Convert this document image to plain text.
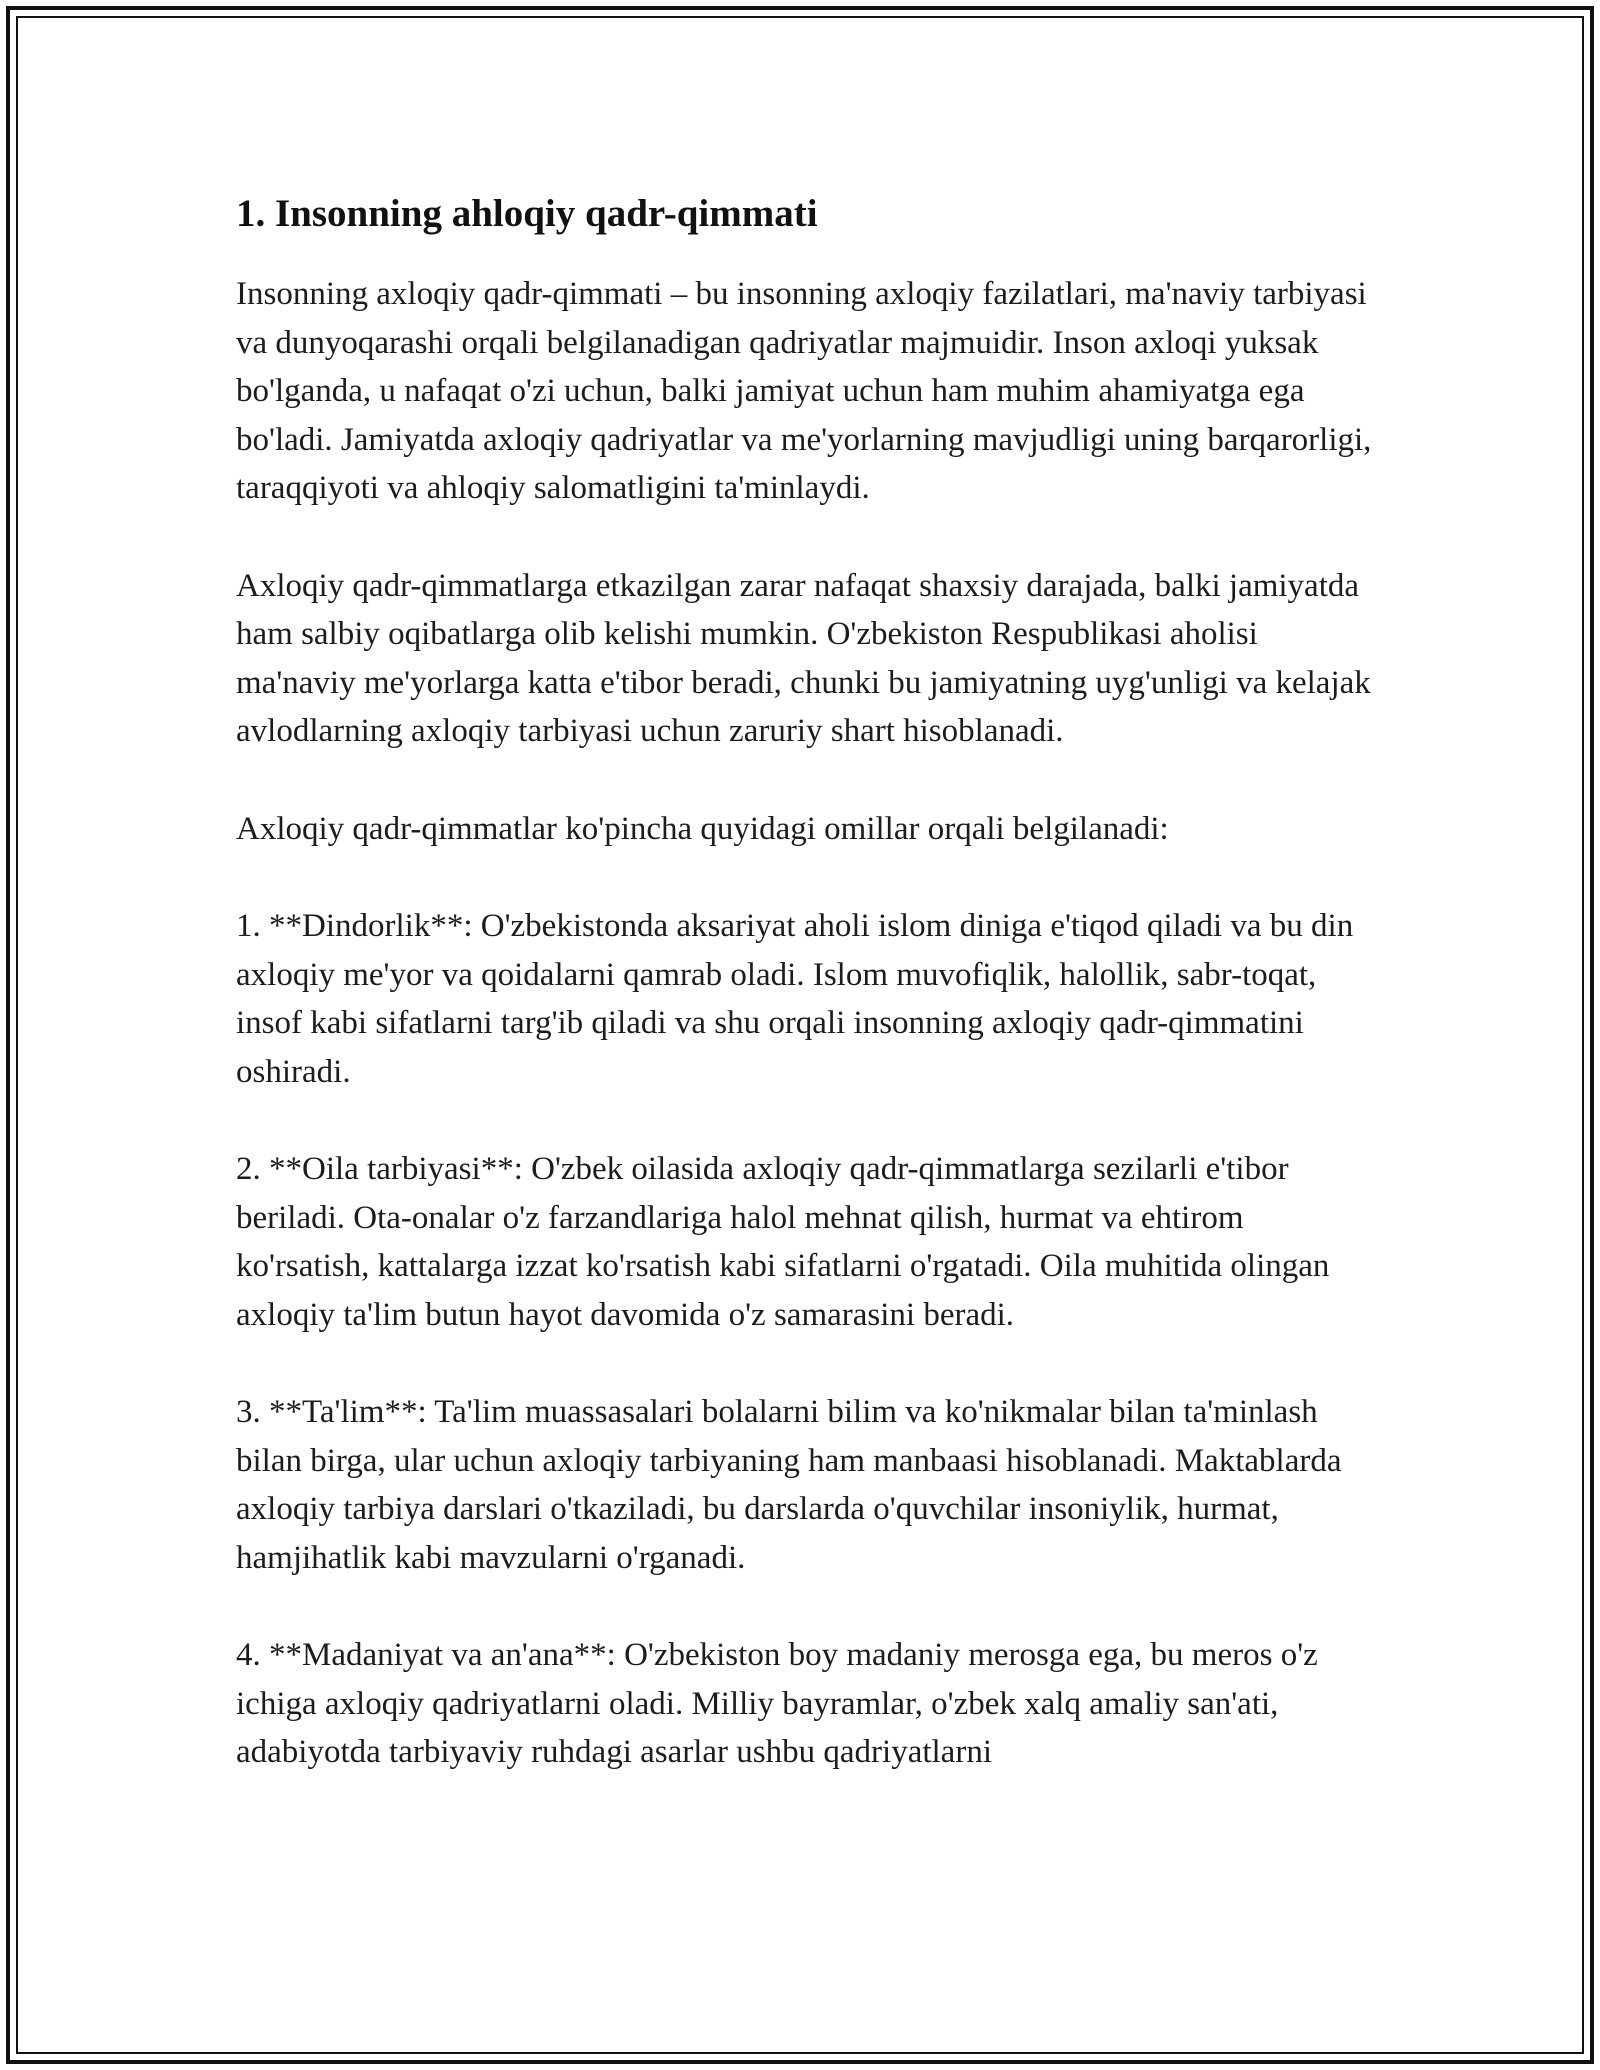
1. Insonning ahloqiy qadr-qimmati

Insonning axloqiy qadr-qimmati – bu insonning axloqiy fazilatlari, ma'naviy tarbiyasi va dunyoqarashi orqali belgilanadigan qadriyatlar majmuidir. Inson axloqi yuksak bo'lganda, u nafaqat o'zi uchun, balki jamiyat uchun ham muhim ahamiyatga ega bo'ladi. Jamiyatda axloqiy qadriyatlar va me'yorlarning mavjudligi uning barqarorligi, taraqqiyoti va ahloqiy salomatligini ta'minlaydi.

Axloqiy qadr-qimmatlarga etkazilgan zarar nafaqat shaxsiy darajada, balki jamiyatda ham salbiy oqibatlarga olib kelishi mumkin. O'zbekiston Respublikasi aholisi ma'naviy me'yorlarga katta e'tibor beradi, chunki bu jamiyatning uyg'unligi va kelajak avlodlarning axloqiy tarbiyasi uchun zaruriy shart hisoblanadi.

Axloqiy qadr-qimmatlar ko'pincha quyidagi omillar orqali belgilanadi:

1. **Dindorlik**: O'zbekistonda aksariyat aholi islom diniga e'tiqod qiladi va bu din axloqiy me'yor va qoidalarni qamrab oladi. Islom muvofiqlik, halollik, sabr-toqat, insof kabi sifatlarni targ'ib qiladi va shu orqali insonning axloqiy qadr-qimmatini oshiradi.

2. **Oila tarbiyasi**: O'zbek oilasida axloqiy qadr-qimmatlarga sezilarli e'tibor beriladi. Ota-onalar o'z farzandlariga halol mehnat qilish, hurmat va ehtirom ko'rsatish, kattalarga izzat ko'rsatish kabi sifatlarni o'rgatadi. Oila muhitida olingan axloqiy ta'lim butun hayot davomida o'z samarasini beradi.

3. **Ta'lim**: Ta'lim muassasalari bolalarni bilim va ko'nikmalar bilan ta'minlash bilan birga, ular uchun axloqiy tarbiyaning ham manbaasi hisoblanadi. Maktablarda axloqiy tarbiya darslari o'tkaziladi, bu darslarda o'quvchilar insoniylik, hurmat, hamjihatlik kabi mavzularni o'rganadi.

4. **Madaniyat va an'ana**: O'zbekiston boy madaniy merosga ega, bu meros o'z ichiga axloqiy qadriyatlarni oladi. Milliy bayramlar, o'zbek xalq amaliy san'ati, adabiyotda tarbiyaviy ruhdagi asarlar ushbu qadriyatlarni
